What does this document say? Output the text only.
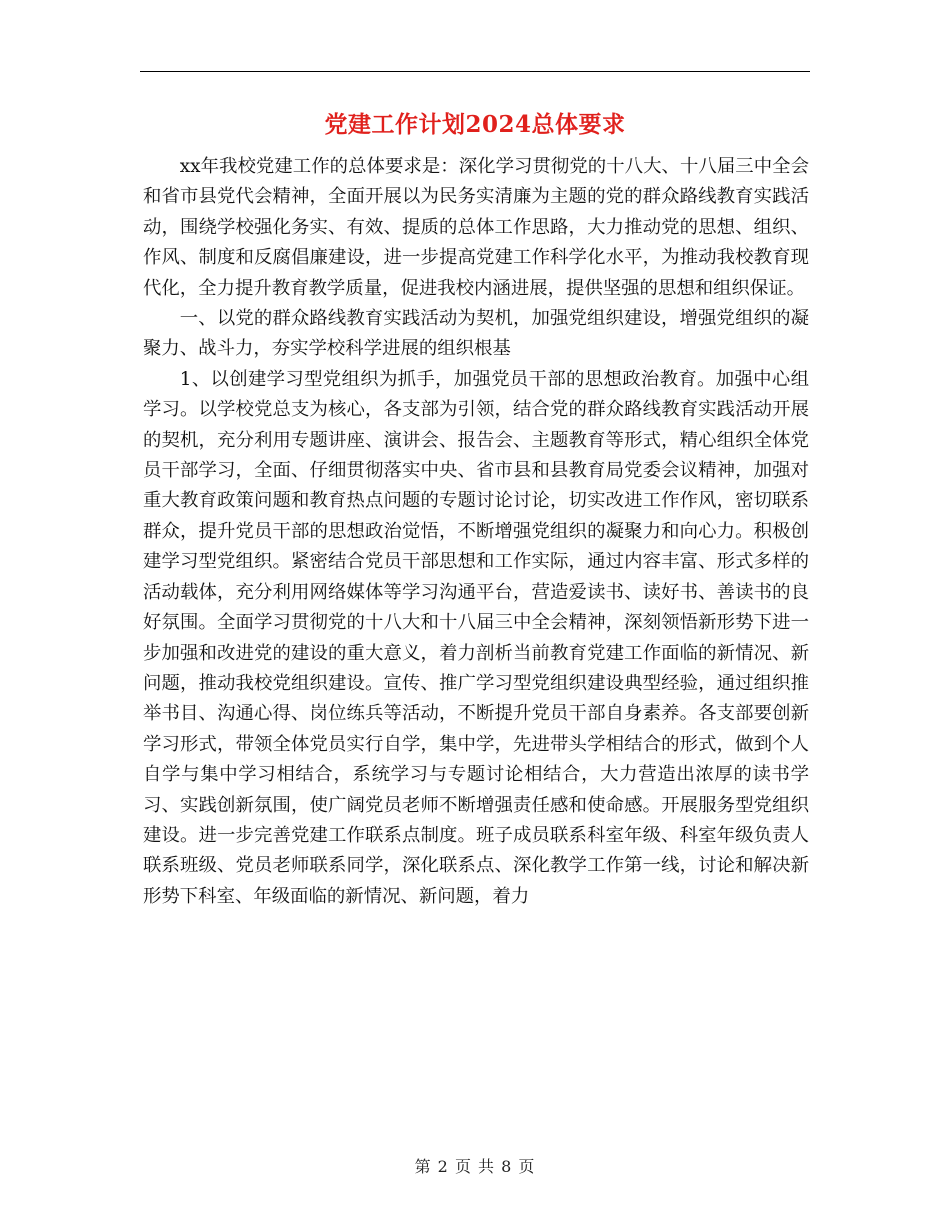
党建工作计划2024总体要求

xx年我校党建工作的总体要求是：深化学习贯彻党的十八大、十八届三中全会和省市县党代会精神，全面开展以为民务实清廉为主题的党的群众路线教育实践活动，围绕学校强化务实、有效、提质的总体工作思路，大力推动党的思想、组织、作风、制度和反腐倡廉建设，进一步提高党建工作科学化水平，为推动我校教育现代化，全力提升教育教学质量，促进我校内涵进展，提供坚强的思想和组织保证。

一、以党的群众路线教育实践活动为契机，加强党组织建设，增强党组织的凝聚力、战斗力，夯实学校科学进展的组织根基

1、以创建学习型党组织为抓手，加强党员干部的思想政治教育。加强中心组学习。以学校党总支为核心，各支部为引领，结合党的群众路线教育实践活动开展的契机，充分利用专题讲座、演讲会、报告会、主题教育等形式，精心组织全体党员干部学习，全面、仔细贯彻落实中央、省市县和县教育局党委会议精神，加强对重大教育政策问题和教育热点问题的专题讨论讨论，切实改进工作作风，密切联系群众，提升党员干部的思想政治觉悟，不断增强党组织的凝聚力和向心力。积极创建学习型党组织。紧密结合党员干部思想和工作实际，通过内容丰富、形式多样的活动载体，充分利用网络媒体等学习沟通平台，营造爱读书、读好书、善读书的良好氛围。全面学习贯彻党的十八大和十八届三中全会精神，深刻领悟新形势下进一步加强和改进党的建设的重大意义，着力剖析当前教育党建工作面临的新情况、新问题，推动我校党组织建设。宣传、推广学习型党组织建设典型经验，通过组织推举书目、沟通心得、岗位练兵等活动，不断提升党员干部自身素养。各支部要创新学习形式，带领全体党员实行自学，集中学，先进带头学相结合的形式，做到个人自学与集中学习相结合，系统学习与专题讨论相结合，大力营造出浓厚的读书学习、实践创新氛围，使广阔党员老师不断增强责任感和使命感。开展服务型党组织建设。进一步完善党建工作联系点制度。班子成员联系科室年级、科室年级负责人联系班级、党员老师联系同学，深化联系点、深化教学工作第一线，讨论和解决新形势下科室、年级面临的新情况、新问题，着力

第 2 页 共 8 页
